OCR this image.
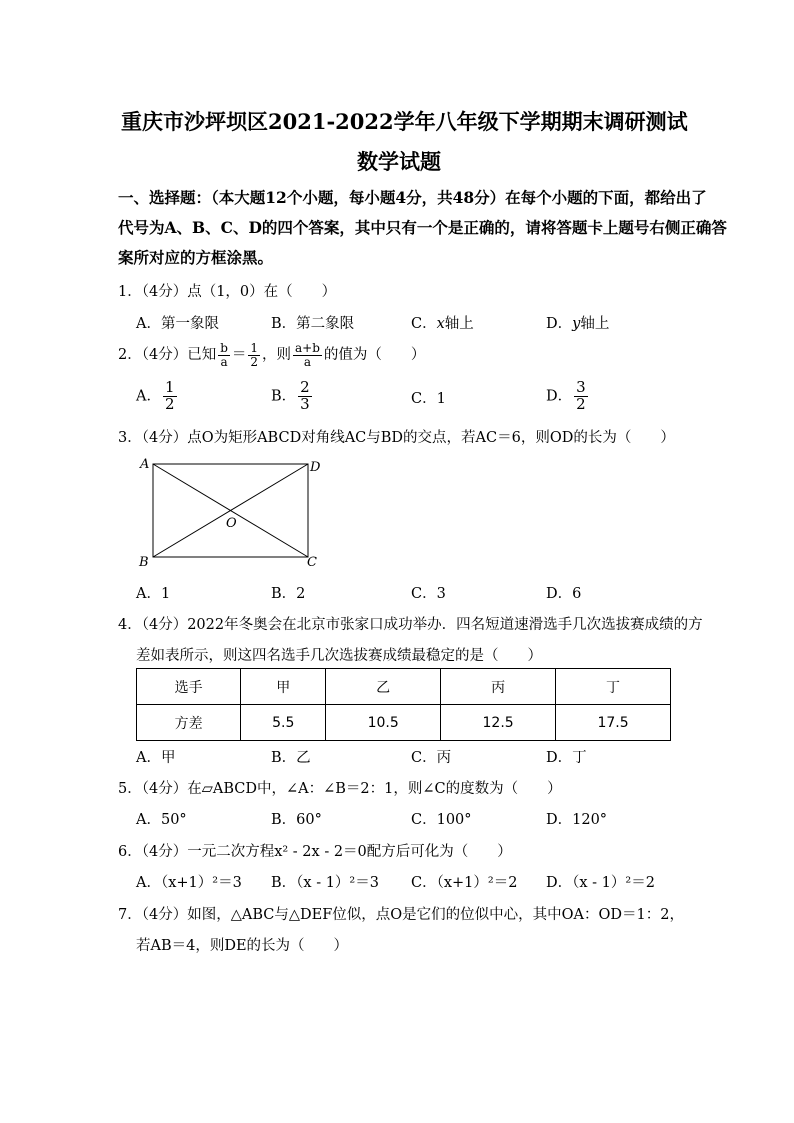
重庆市沙坪坝区2021-2022学年八年级下学期期末调研测试
数学试题
一、选择题：（本大题12个小题，每小题4分，共48分）在每个小题的下面，都给出了
代号为A、B、C、D的四个答案，其中只有一个是正确的，请将答题卡上题号右侧正确答
案所对应的方框涂黑。
1．（4分）点（1，0）在（　　）
A．第一象限	B．第二象限	C．x轴上	D．y轴上
2．（4分）已知 $\frac{b}{a} = \frac{1}{2}$ ，则 $\frac{a+b}{a}$ 的值为（　　）
A． $\frac{1}{2}$	B． $\frac{2}{3}$	C．1	D． $\frac{3}{2}$
3．（4分）点O为矩形ABCD对角线AC与BD的交点，若AC＝6，则OD的长为（　　）
A	D
B	C
O
A．1	B．2	C．3	D．6
4．（4分）2022年冬奥会在北京市张家口成功举办．四名短道速滑选手几次选拔赛成绩的方
差如表所示，则这四名选手几次选拔赛成绩最稳定的是（　　）
选手	甲	乙	丙	丁
方差	5.5	10.5	12.5	17.5
A．甲	B．乙	C．丙	D．丁
5．（4分）在▱ABCD中，∠A：∠B＝2：1，则∠C的度数为（　　）
A．50°	B．60°	C．100°	D．120°
6．（4分）一元二次方程x² - 2x - 2＝0配方后可化为（　　）
A．（x+1）²＝3 B．（x - 1）²＝3 C．（x+1）²＝2 D．（x - 1）²＝2
7．（4分）如图，△ABC与△DEF位似，点O是它们的位似中心，其中OA：OD＝1：2，
若AB＝4，则DE的长为（　　）
